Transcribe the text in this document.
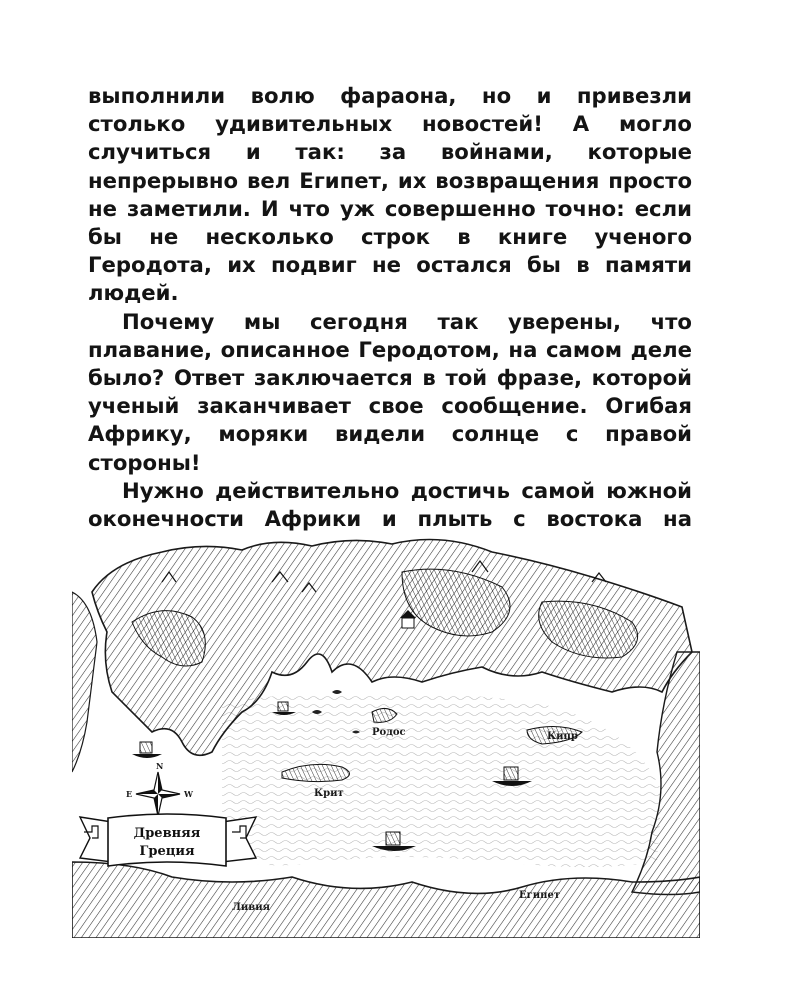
выполнили волю фараона, но и привезли столько удивительных новостей! А могло случиться и так: за войнами, которые непрерывно вел Египет, их возвращения просто не заметили. И что уж совершенно точно: если бы не несколько строк в книге ученого Геродота, их подвиг не остался бы в памяти людей.

Почему мы сегодня так уверены, что плавание, описанное Геродотом, на самом деле было? Ответ заключается в той фразе, которой ученый заканчивает свое сообщение. Огибая Африку, моряки видели солнце с правой стороны!

Нужно действительно достичь самой южной оконечности Африки и плыть с востока на

N
E	W
Древняя
Греция
Родос	Кипр
Крит
Ливия
Египет
